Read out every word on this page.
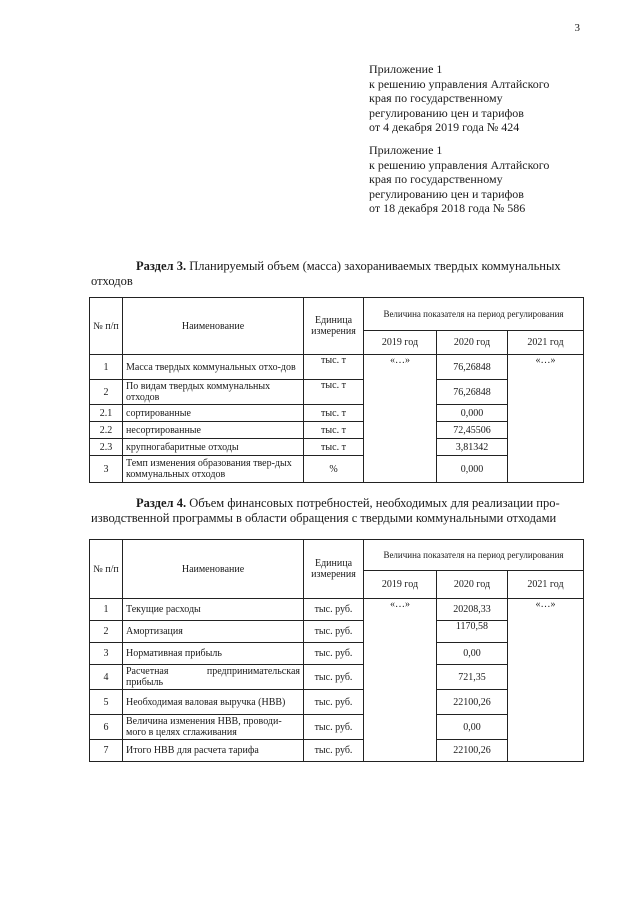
3
Приложение 1
к решению управления Алтайского
края по государственному
регулированию цен и тарифов
от 4 декабря 2019 года № 424
Приложение 1
к решению управления Алтайского
края по государственному
регулированию цен и тарифов
от 18 декабря 2018 года № 586
Раздел 3. Планируемый объем (масса) захораниваемых твердых коммунальных
отходов
№ п/п	Наименование	Единица измерения	Величина показателя на период регулирования		
			2019 год	2020 год	2021 год
1	Масса твердых коммунальных отхо-дов	тыс. т	«…»	76,26848	«…»
2	По видам твердых коммунальных отходов	тыс. т		76,26848	
2.1	сортированные	тыс. т		0,000	
2.2	несортированные	тыс. т		72,45506	
2.3	крупногабаритные отходы	тыс. т		3,81342	
3	Темп изменения образования твер-дых коммунальных отходов	%		0,000	
Раздел 4. Объем финансовых потребностей, необходимых для реализации про-
изводственной программы в области обращения с твердыми коммунальными отходами
№ п/п	Наименование	Единица измерения	Величина показателя на период регулирования		
			2019 год	2020 год	2021 год
1	Текущие расходы	тыс. руб.	«…»	20208,33	«…»
2	Амортизация	тыс. руб.		1170,58	
3	Нормативная прибыль	тыс. руб.		0,00	
4	Расчетная предпринимательская прибыль	тыс. руб.		721,35	
5	Необходимая валовая выручка (НВВ)	тыс. руб.		22100,26	
6	Величина изменения НВВ, проводи-мого в целях сглаживания	тыс. руб.		0,00	
7	Итого НВВ для расчета тарифа	тыс. руб.		22100,26	
